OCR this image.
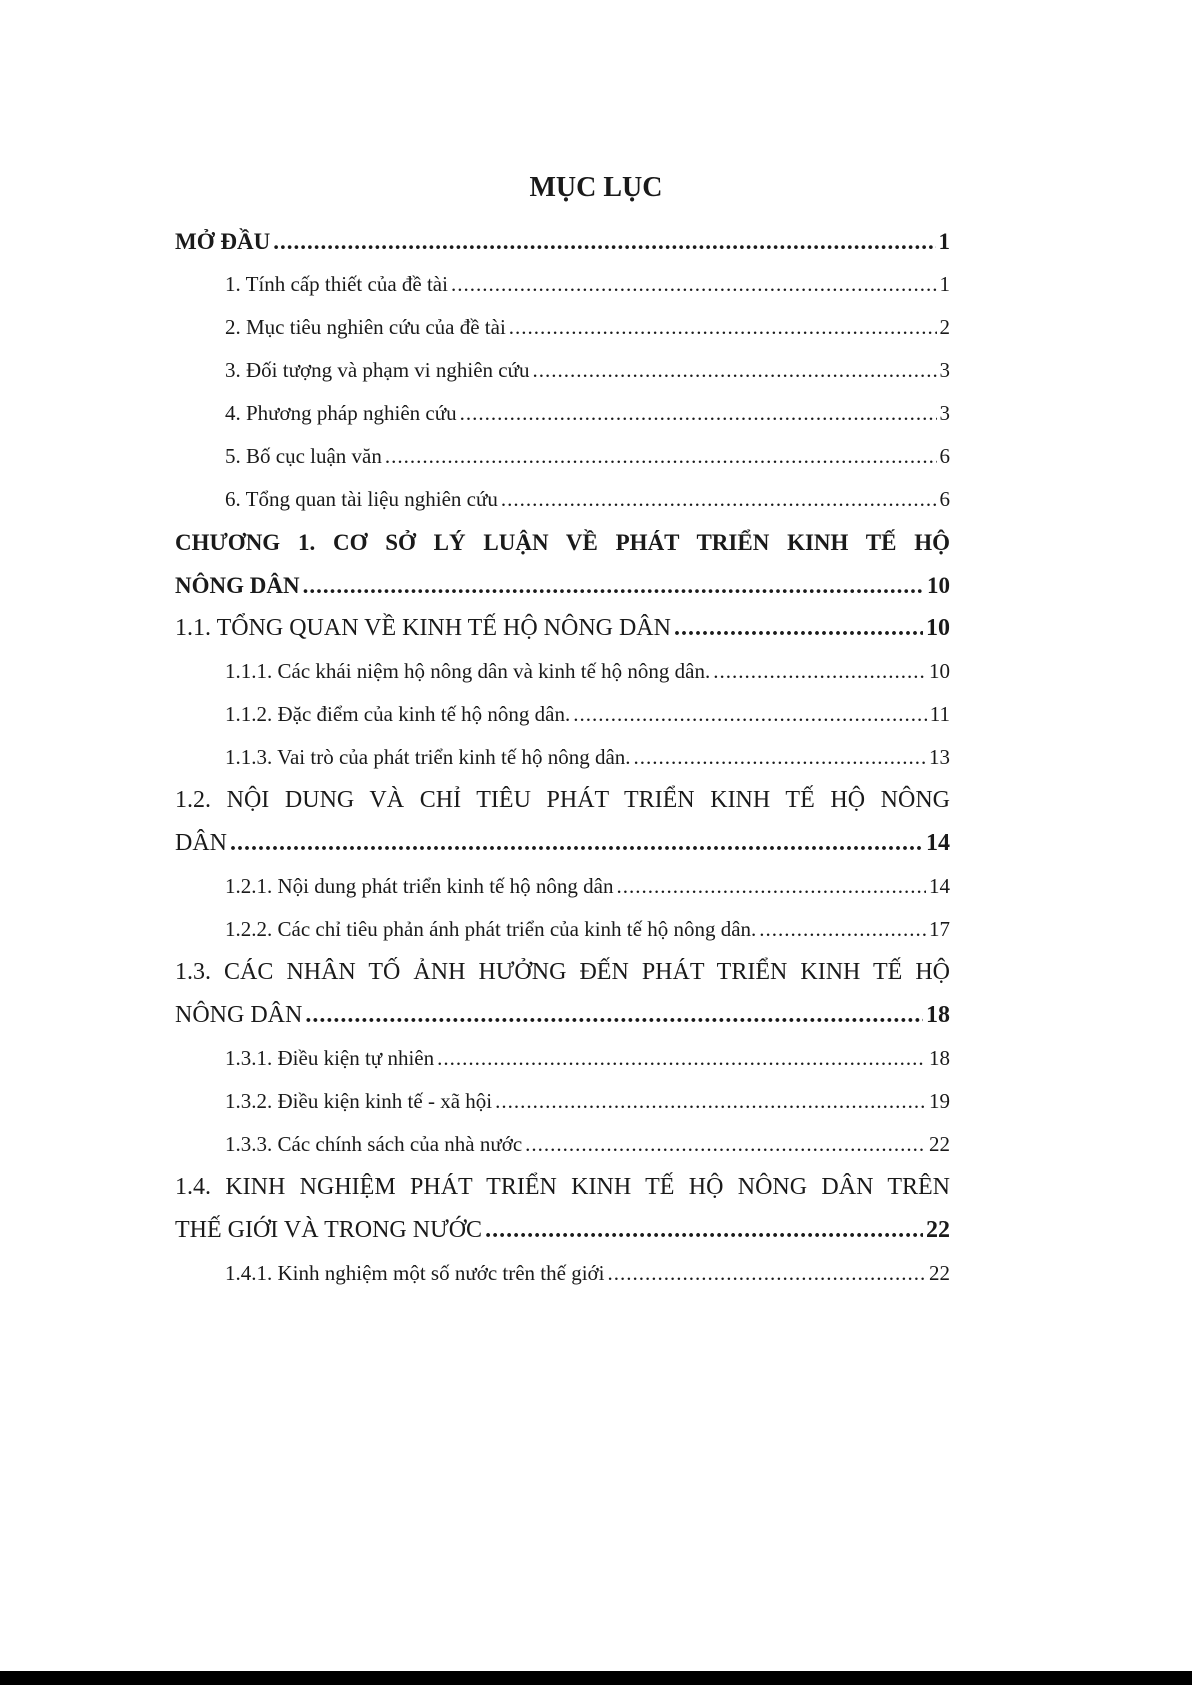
MỤC LỤC
MỞ ĐẦU .....	1
1. Tính cấp thiết của đề tài .....	1
2. Mục tiêu nghiên cứu của đề tài .....	2
3. Đối tượng và phạm vi nghiên cứu .....	3
4. Phương pháp nghiên cứu .....	3
5. Bố cục luận văn .....	6
6. Tổng quan tài liệu nghiên cứu .....	6
CHƯƠNG 1. CƠ SỞ LÝ LUẬN VỀ PHÁT TRIỂN KINH TẾ HỘ
NÔNG DÂN .....	10
1.1. TỔNG QUAN VỀ KINH TẾ HỘ NÔNG DÂN .....	10
1.1.1. Các khái niệm hộ nông dân và kinh tế hộ nông dân. .....	10
1.1.2. Đặc điểm của kinh tế hộ nông dân. .....	11
1.1.3. Vai trò của phát triển kinh tế hộ nông dân. .....	13
1.2. NỘI DUNG VÀ CHỈ TIÊU PHÁT TRIỂN KINH TẾ HỘ NÔNG
DÂN .....	14
1.2.1. Nội dung phát triển kinh tế hộ nông dân .....	14
1.2.2. Các chỉ tiêu phản ánh phát triển của kinh tế hộ nông dân. .....	17
1.3. CÁC NHÂN TỐ ẢNH HƯỞNG ĐẾN PHÁT TRIỂN KINH TẾ HỘ
NÔNG DÂN .....	18
1.3.1. Điều kiện tự nhiên .....	18
1.3.2. Điều kiện kinh tế - xã hội .....	19
1.3.3. Các chính sách của nhà nước .....	22
1.4. KINH NGHIỆM PHÁT TRIỂN KINH TẾ HỘ NÔNG DÂN TRÊN
THẾ GIỚI VÀ TRONG NƯỚC .....	22
1.4.1. Kinh nghiệm một số nước trên thế giới .....	22
